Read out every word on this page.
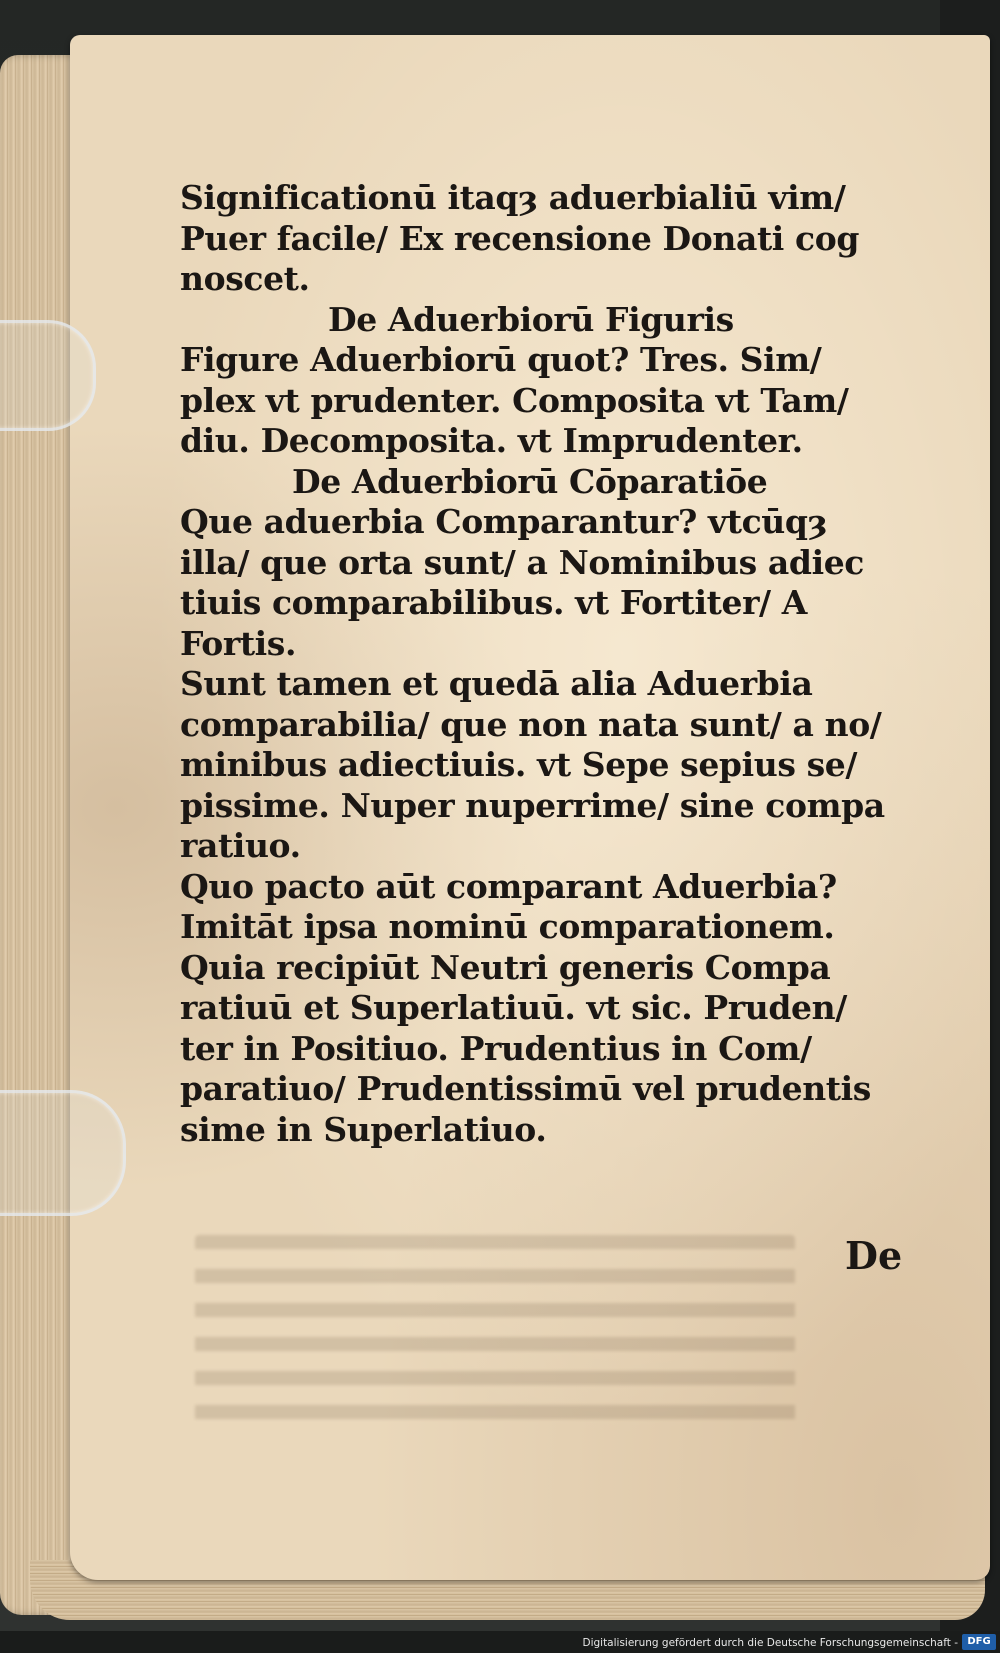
Significationū itaqȝ aduerbialiū vim/
Puer facile/ Ex recensione Donati cog
noscet.
De Aduerbiorū Figuris
Figure Aduerbiorū quot? Tres. Sim/
plex vt prudenter. Composita vt Tam/
diu. Decomposita. vt Imprudenter.
De Aduerbiorū Cōparatiōe
Que aduerbia Comparantur? vtcūqȝ
illa/ que orta sunt/ a Nominibus adiec
tiuis comparabilibus. vt Fortiter/ A
Fortis.
Sunt tamen et quedā alia Aduerbia
comparabilia/ que non nata sunt/ a no/
minibus adiectiuis. vt Sepe sepius se/
pissime. Nuper nuperrime/ sine compa
ratiuo.
Quo pacto aūt comparant Aduerbia?
Imitāt ipsa nominū comparationem.
Quia recipiūt Neutri generis Compa
ratiuū et Superlatiuū. vt sic. Pruden/
ter in Positiuo. Prudentius in Com/
paratiuo/ Prudentissimū vel prudentis
sime in Superlatiuo.
De
Digitalisierung gefördert durch die Deutsche Forschungsgemeinschaft - DFG
